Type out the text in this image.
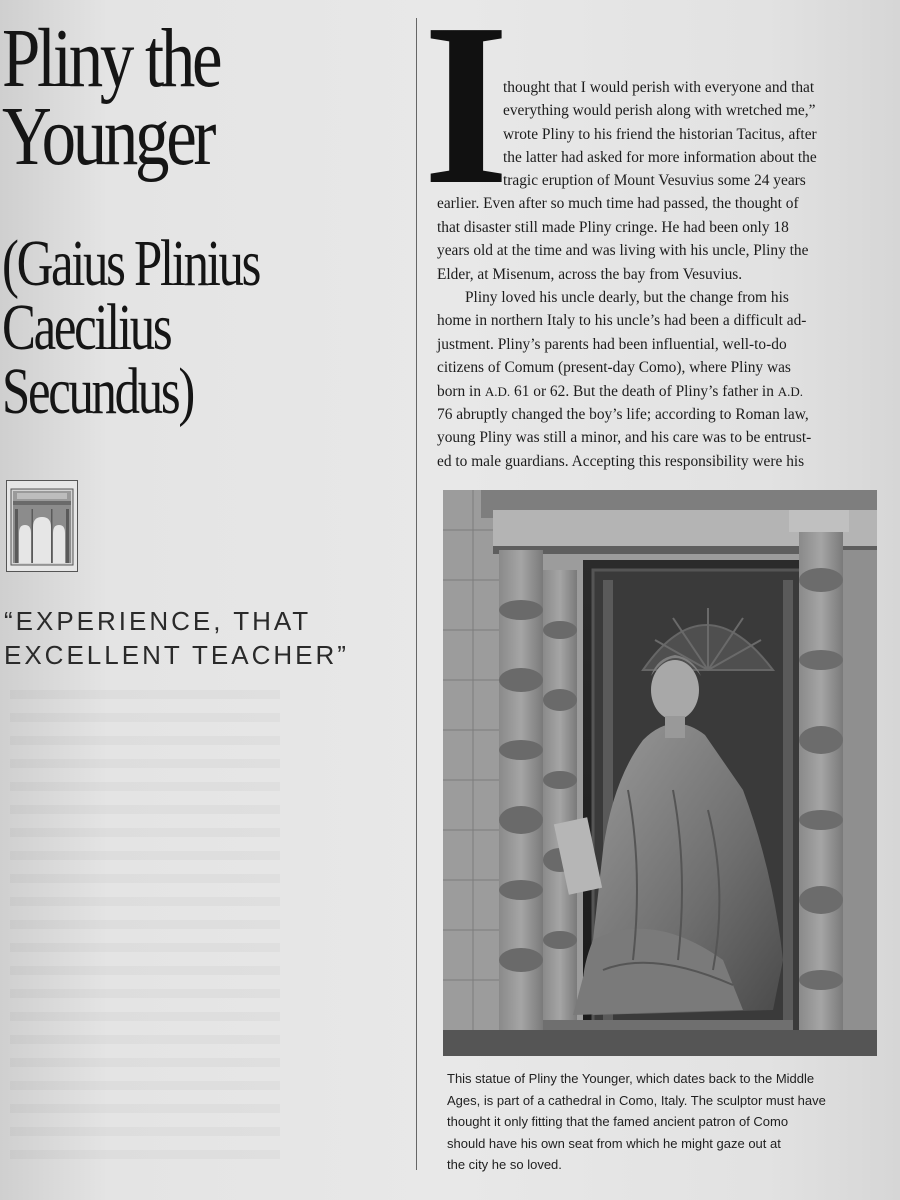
Pliny the
Younger
(Gaius Plinius
Caecilius
Secundus)

“EXPERIENCE, THAT
EXCELLENT TEACHER”

I
thought that I would perish with everyone and that
everything would perish along with wretched me,”
wrote Pliny to his friend the historian Tacitus, after
the latter had asked for more information about the
tragic eruption of Mount Vesuvius some 24 years
earlier. Even after so much time had passed, the thought of
that disaster still made Pliny cringe. He had been only 18
years old at the time and was living with his uncle, Pliny the
Elder, at Misenum, across the bay from Vesuvius.
Pliny loved his uncle dearly, but the change from his
home in northern Italy to his uncle’s had been a difficult ad-
justment. Pliny’s parents had been influential, well-to-do
citizens of Comum (present-day Como), where Pliny was
born in A.D. 61 or 62. But the death of Pliny’s father in A.D.
76 abruptly changed the boy’s life; according to Roman law,
young Pliny was still a minor, and his care was to be entrust-
ed to male guardians. Accepting this responsibility were his

This statue of Pliny the Younger, which dates back to the Middle
Ages, is part of a cathedral in Como, Italy. The sculptor must have
thought it only fitting that the famed ancient patron of Como
should have his own seat from which he might gaze out at
the city he so loved.
